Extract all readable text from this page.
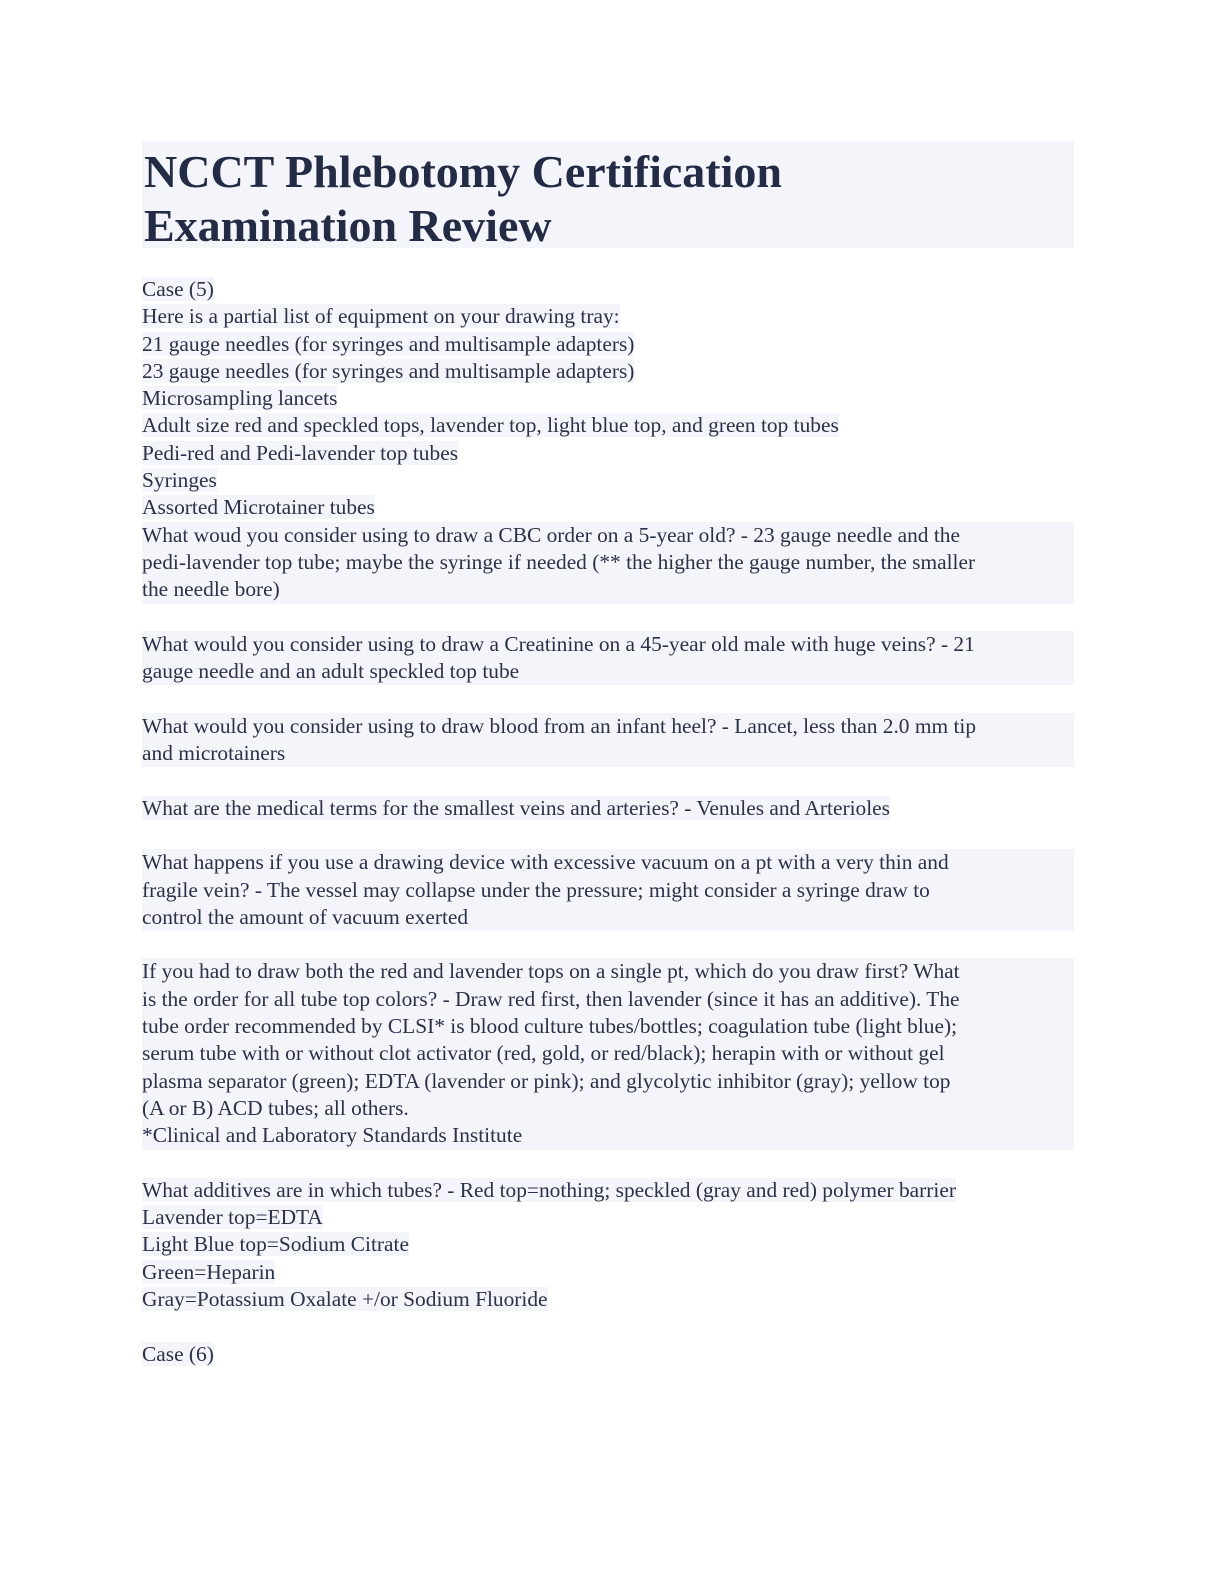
NCCT Phlebotomy Certification
Examination Review
Case (5)
Here is a partial list of equipment on your drawing tray:
21 gauge needles (for syringes and multisample adapters)
23 gauge needles (for syringes and multisample adapters)
Microsampling lancets
Adult size red and speckled tops, lavender top, light blue top, and green top tubes
Pedi-red and Pedi-lavender top tubes
Syringes
Assorted Microtainer tubes
What woud you consider using to draw a CBC order on a 5-year old? - 23 gauge needle and the
pedi-lavender top tube; maybe the syringe if needed (** the higher the gauge number, the smaller
the needle bore)
What would you consider using to draw a Creatinine on a 45-year old male with huge veins? - 21
gauge needle and an adult speckled top tube
What would you consider using to draw blood from an infant heel? - Lancet, less than 2.0 mm tip
and microtainers
What are the medical terms for the smallest veins and arteries? - Venules and Arterioles
What happens if you use a drawing device with excessive vacuum on a pt with a very thin and
fragile vein? - The vessel may collapse under the pressure; might consider a syringe draw to
control the amount of vacuum exerted
If you had to draw both the red and lavender tops on a single pt, which do you draw first? What
is the order for all tube top colors? - Draw red first, then lavender (since it has an additive). The
tube order recommended by CLSI* is blood culture tubes/bottles; coagulation tube (light blue);
serum tube with or without clot activator (red, gold, or red/black); herapin with or without gel
plasma separator (green); EDTA (lavender or pink); and glycolytic inhibitor (gray); yellow top
(A or B) ACD tubes; all others.
*Clinical and Laboratory Standards Institute
What additives are in which tubes? - Red top=nothing; speckled (gray and red) polymer barrier
Lavender top=EDTA
Light Blue top=Sodium Citrate
Green=Heparin
Gray=Potassium Oxalate +/or Sodium Fluoride
Case (6)
